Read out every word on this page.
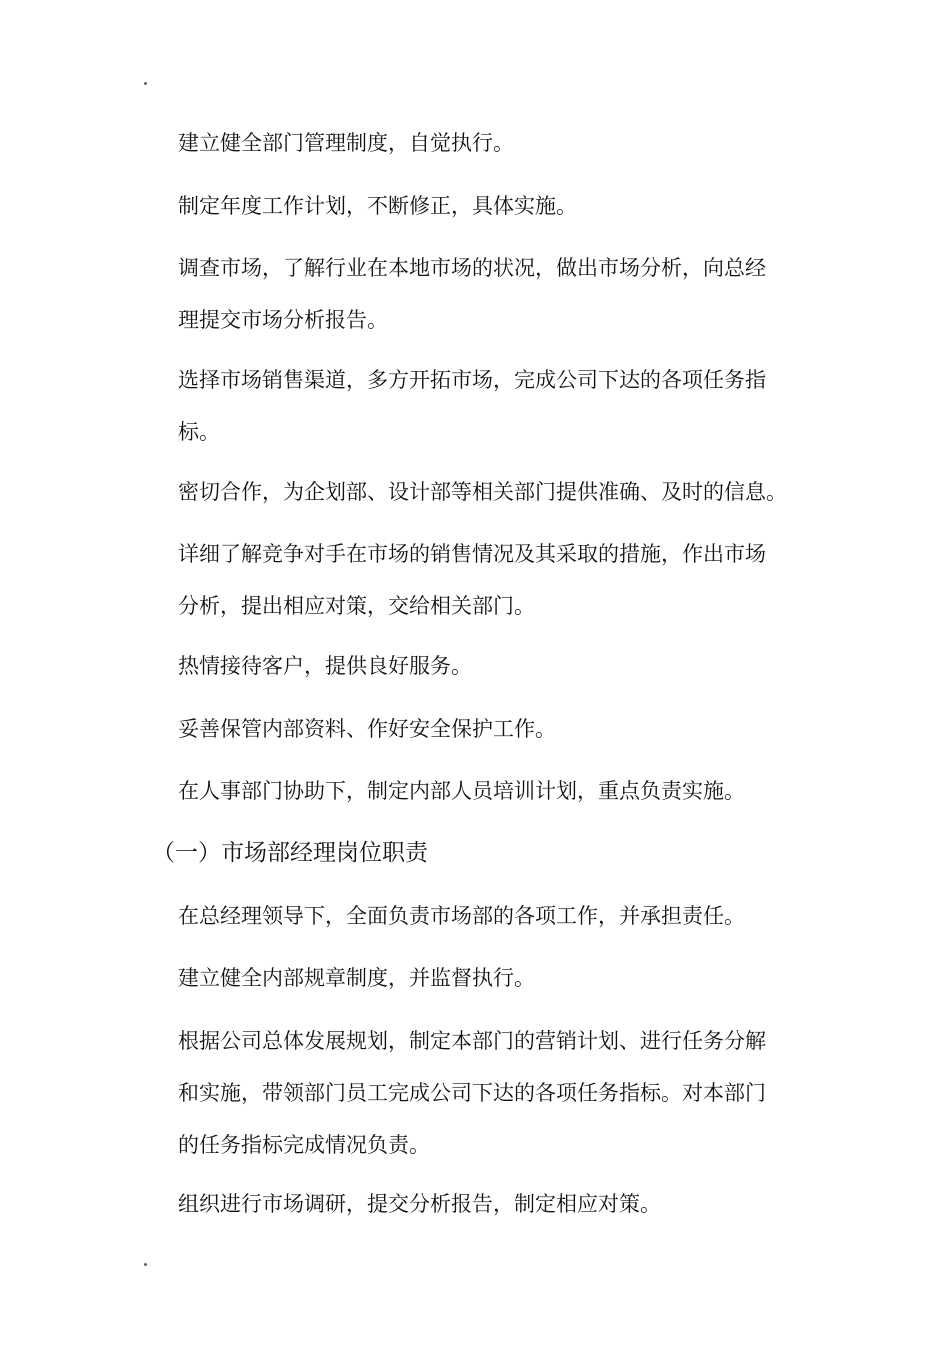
建立健全部门管理制度，自觉执行。
制定年度工作计划，不断修正，具体实施。
调查市场，了解行业在本地市场的状况，做出市场分析，向总经理提交市场分析报告。
选择市场销售渠道，多方开拓市场，完成公司下达的各项任务指标。
密切合作，为企划部、设计部等相关部门提供准确、及时的信息。
详细了解竞争对手在市场的销售情况及其采取的措施，作出市场分析，提出相应对策，交给相关部门。
热情接待客户，提供良好服务。
妥善保管内部资料、作好安全保护工作。
在人事部门协助下，制定内部人员培训计划，重点负责实施。
（一）市场部经理岗位职责
在总经理领导下，全面负责市场部的各项工作，并承担责任。
建立健全内部规章制度，并监督执行。
根据公司总体发展规划，制定本部门的营销计划、进行任务分解和实施，带领部门员工完成公司下达的各项任务指标。对本部门的任务指标完成情况负责。
组织进行市场调研，提交分析报告，制定相应对策。
